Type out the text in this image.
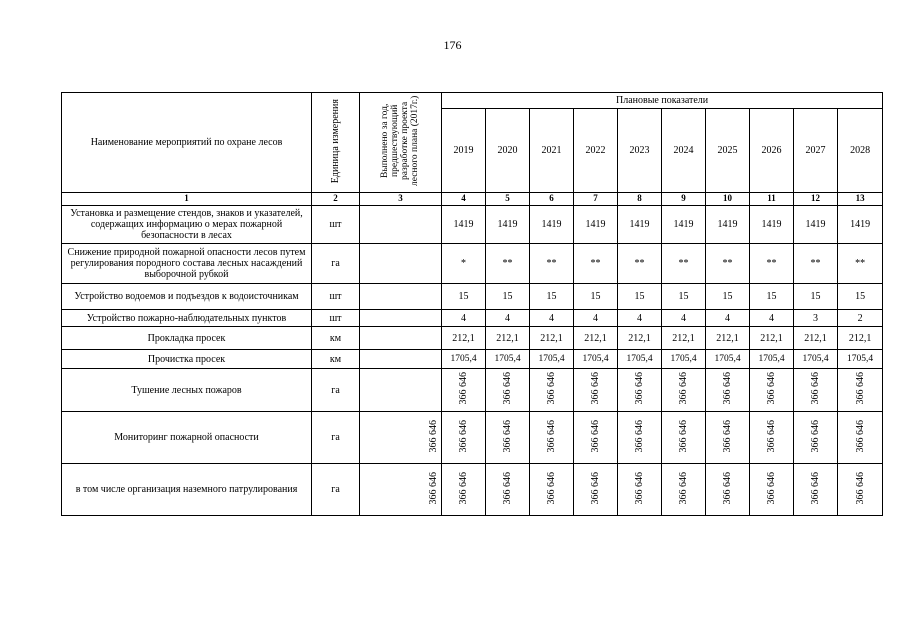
176
Наименование мероприятий по охране лесов	Единица измерения	Выполнено за год, предшествующий разработке проекта лесного плана (2017г.)	Плановые показатели									
			2019	2020	2021	2022	2023	2024	2025	2026	2027	2028
1	2	3	4	5	6	7	8	9	10	11	12	13
Установка и размещение стендов, знаков и указателей, содержащих информацию о мерах пожарной безопасности в лесах	шт		1419	1419	1419	1419	1419	1419	1419	1419	1419	1419
Снижение природной пожарной опасности лесов путем регулирования породного состава лесных насаждений выборочной рубкой	га		*	**	**	**	**	**	**	**	**	**
Устройство водоемов и подъездов к водоисточникам	шт		15	15	15	15	15	15	15	15	15	15
Устройство пожарно-наблюдательных пунктов	шт		4	4	4	4	4	4	4	4	3	2
Прокладка просек	км		212,1	212,1	212,1	212,1	212,1	212,1	212,1	212,1	212,1	212,1
Прочистка просек	км		1705,4	1705,4	1705,4	1705,4	1705,4	1705,4	1705,4	1705,4	1705,4	1705,4
Тушение лесных пожаров	га		366 646	366 646	366 646	366 646	366 646	366 646	366 646	366 646	366 646	366 646
Мониторинг пожарной опасности	га	366 646	366 646	366 646	366 646	366 646	366 646	366 646	366 646	366 646	366 646	366 646
в том числе организация наземного патрулирования	га	366 646	366 646	366 646	366 646	366 646	366 646	366 646	366 646	366 646	366 646	366 646
